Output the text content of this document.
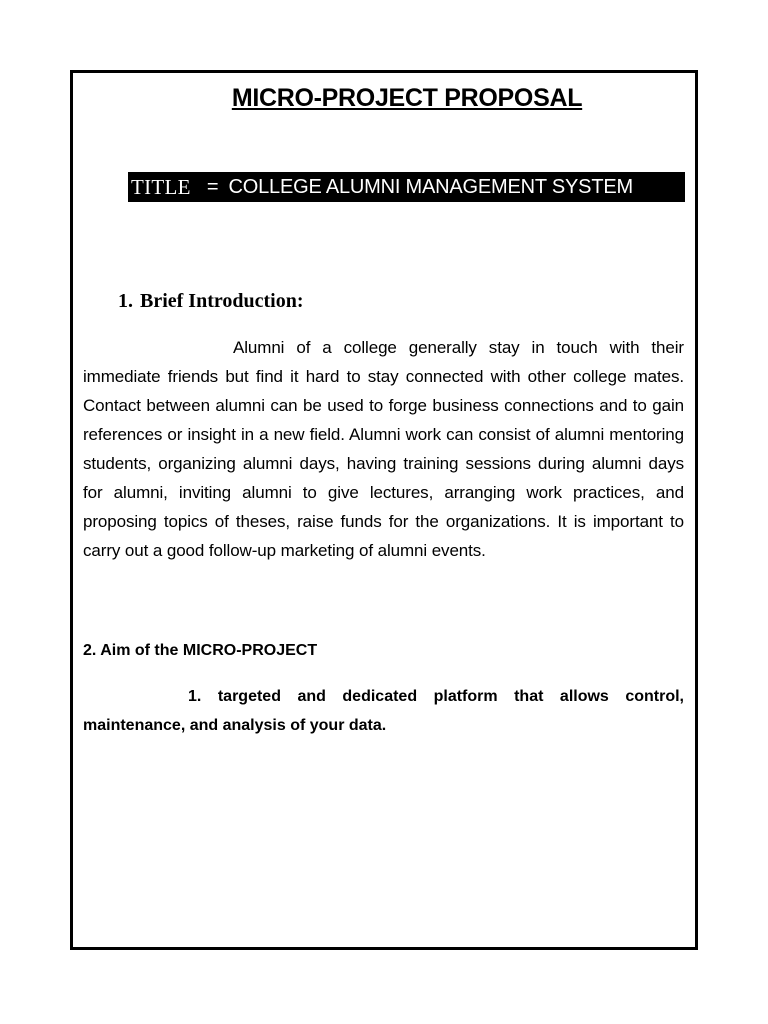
MICRO-PROJECT PROPOSAL
TITLE = COLLEGE ALUMNI MANAGEMENT SYSTEM
1. Brief Introduction:

Alumni of a college generally stay in touch with their immediate friends but find it hard to stay connected with other college mates. Contact between alumni can be used to forge business connections and to gain references or insight in a new field. Alumni work can consist of alumni mentoring students, organizing alumni days, having training sessions during alumni days for alumni, inviting alumni to give lectures, arranging work practices, and proposing topics of theses, raise funds for the organizations. It is important to carry out a good follow-up marketing of alumni events.

2. Aim of the MICRO-PROJECT

1. targeted and dedicated platform that allows control, maintenance, and analysis of your data.
